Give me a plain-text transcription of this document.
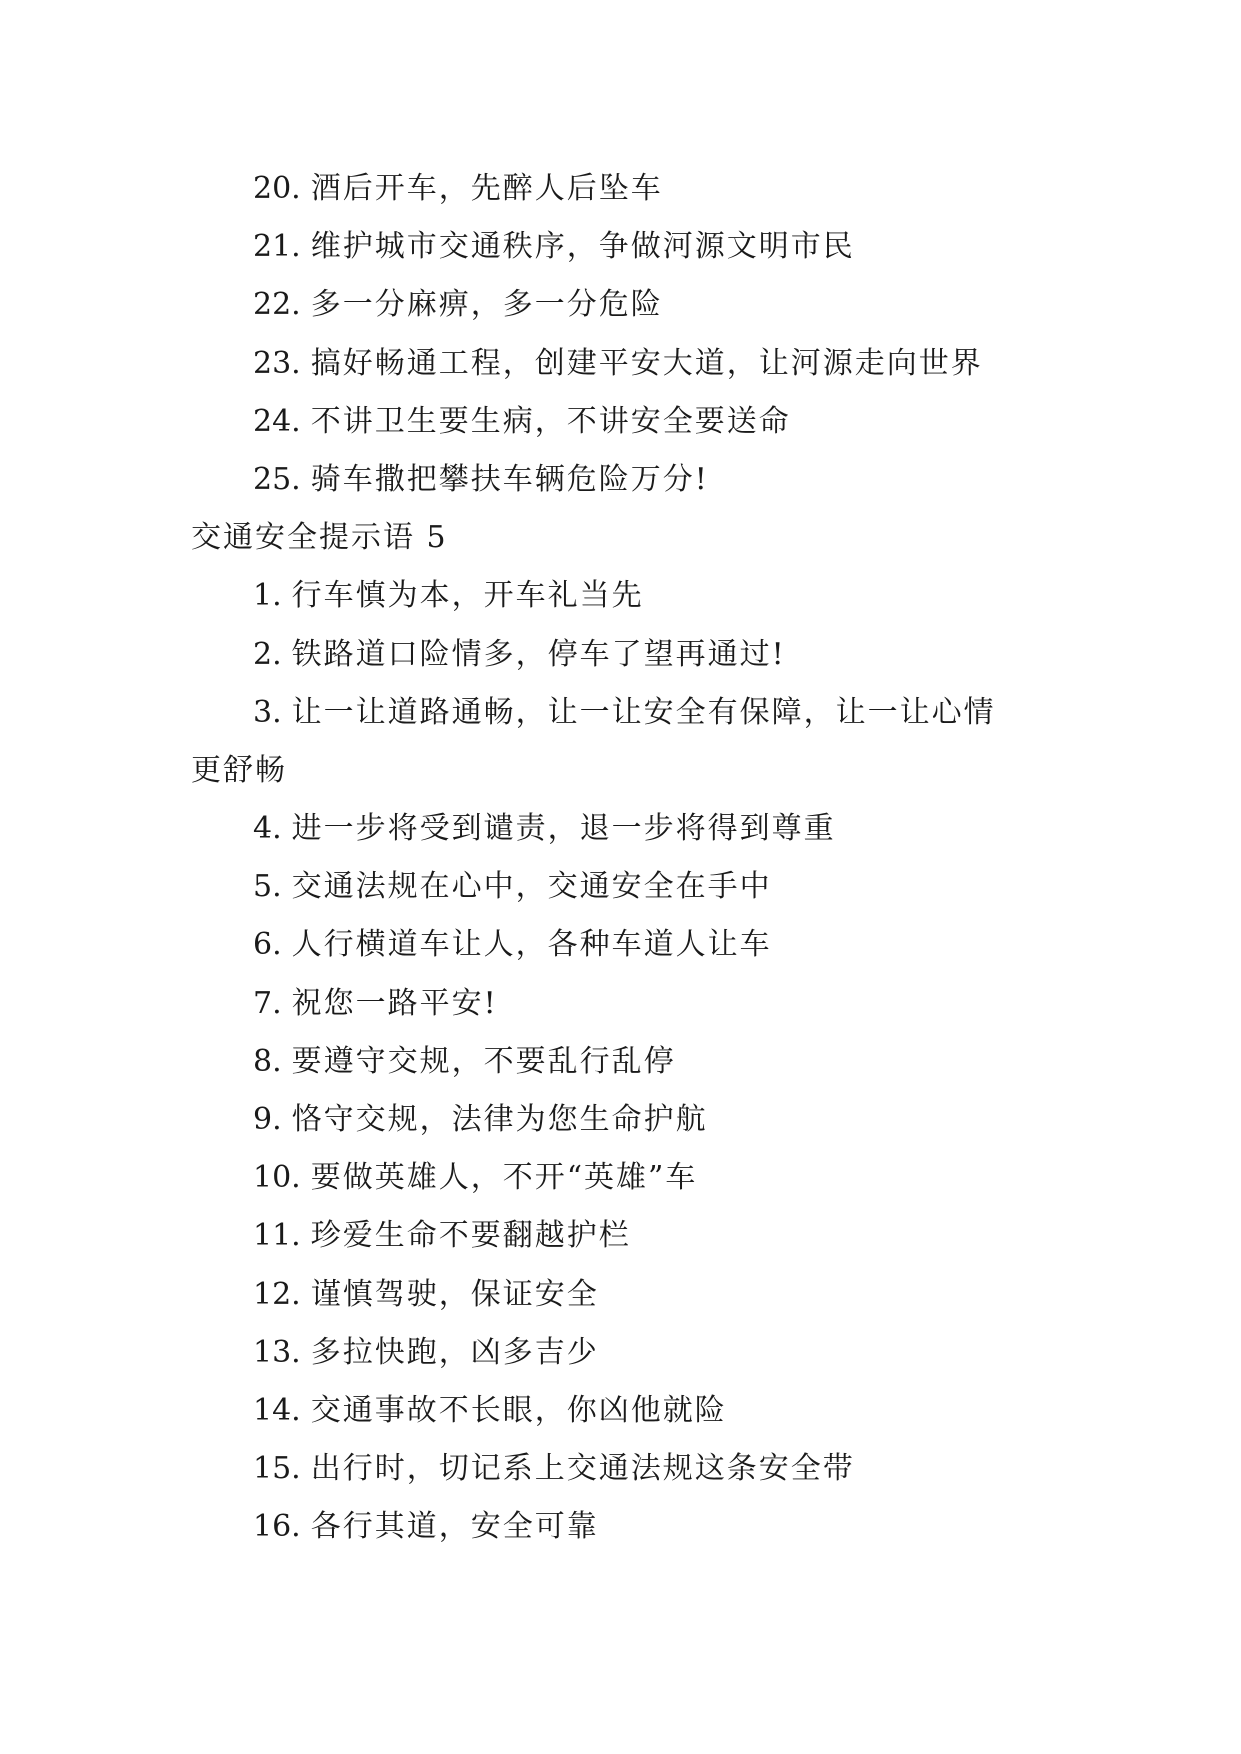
20. 酒后开车，先醉人后坠车
21. 维护城市交通秩序，争做河源文明市民
22. 多一分麻痹，多一分危险
23. 搞好畅通工程，创建平安大道，让河源走向世界
24. 不讲卫生要生病，不讲安全要送命
25. 骑车撒把攀扶车辆危险万分!
交通安全提示语 5
1. 行车慎为本，开车礼当先
2. 铁路道口险情多，停车了望再通过!
3. 让一让道路通畅，让一让安全有保障，让一让心情
更舒畅
4. 进一步将受到谴责，退一步将得到尊重
5. 交通法规在心中，交通安全在手中
6. 人行横道车让人，各种车道人让车
7. 祝您一路平安!
8. 要遵守交规，不要乱行乱停
9. 恪守交规，法律为您生命护航
10. 要做英雄人，不开“英雄”车
11. 珍爱生命不要翻越护栏
12. 谨慎驾驶，保证安全
13. 多拉快跑，凶多吉少
14. 交通事故不长眼，你凶他就险
15. 出行时，切记系上交通法规这条安全带
16. 各行其道，安全可靠
